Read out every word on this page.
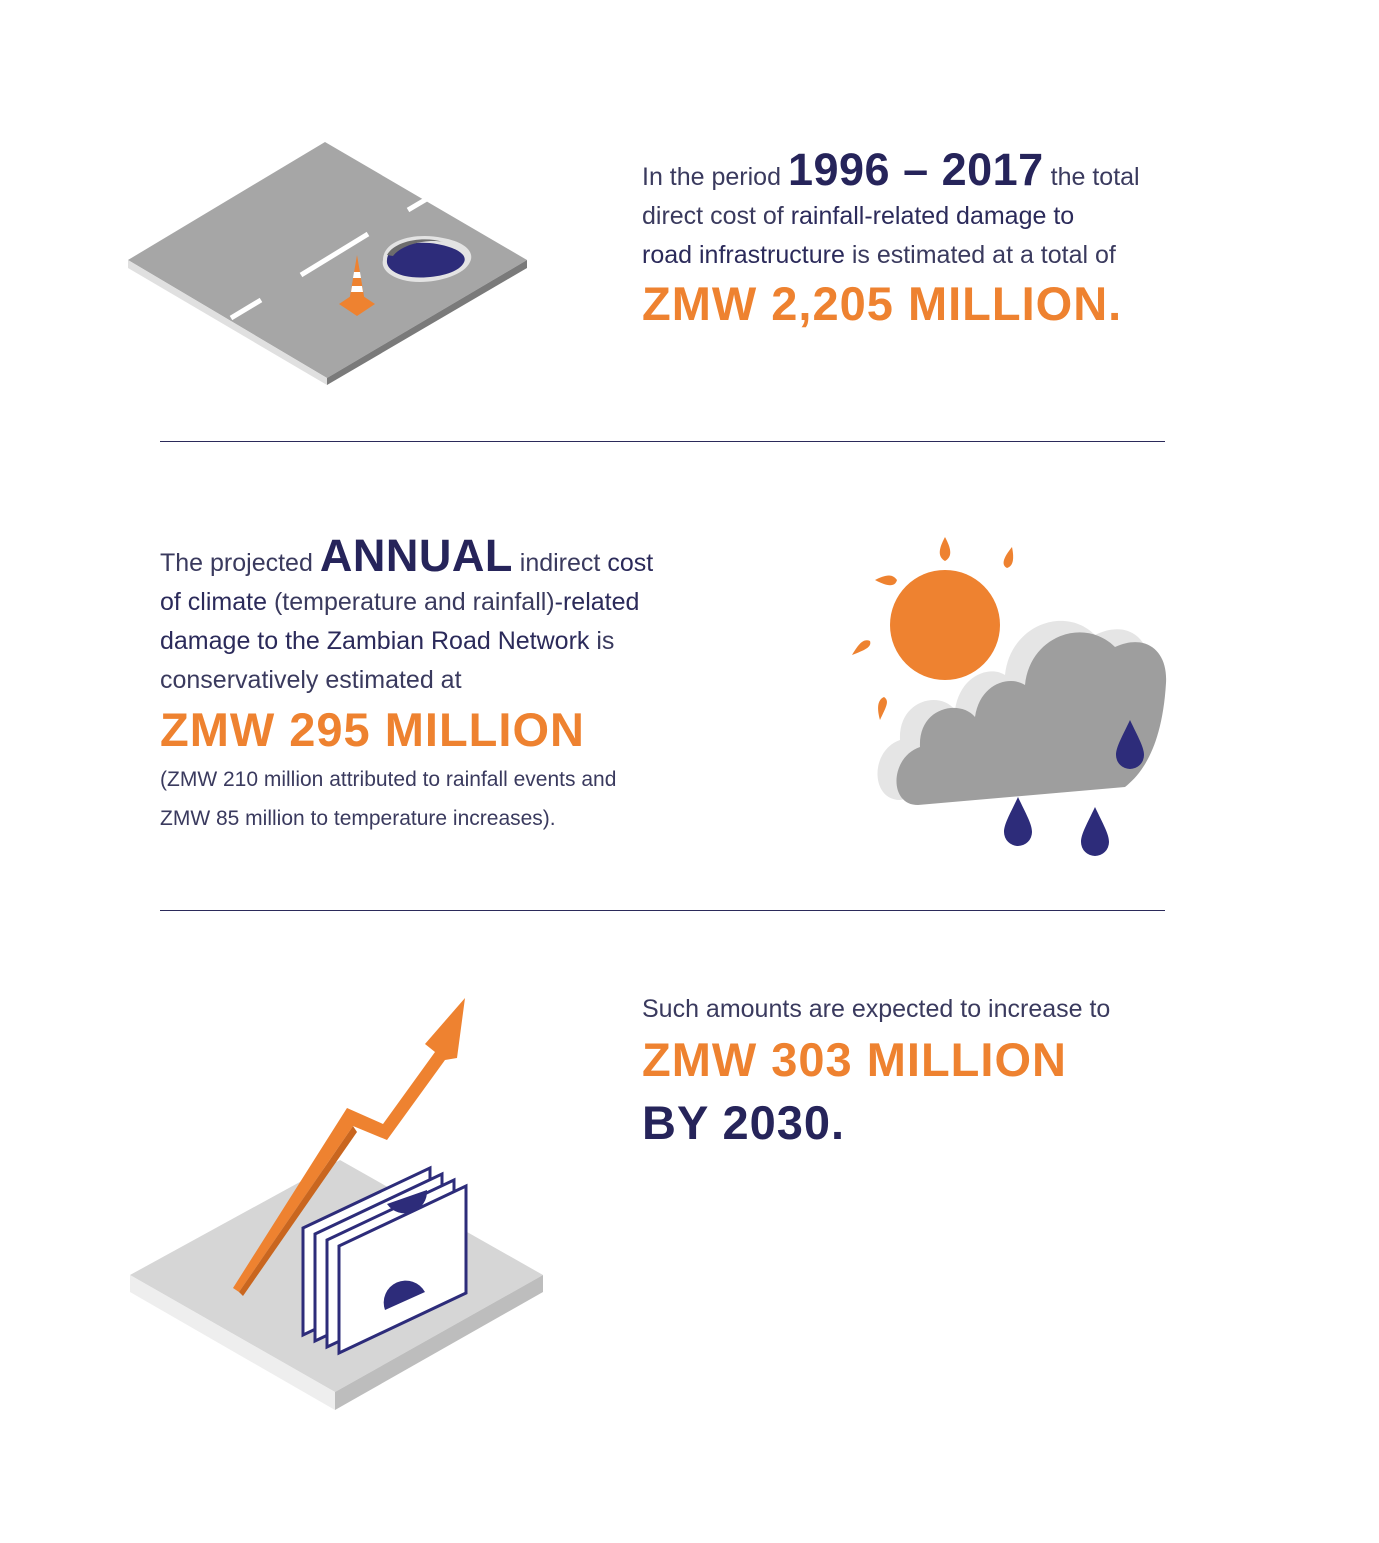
In the period 1996 – 2017 the total
direct cost of rainfall-related damage to
road infrastructure is estimated at a total of
ZMW 2,205 MILLION.
The projected ANNUAL indirect cost
of climate (temperature and rainfall)-related
damage to the Zambian Road Network is
conservatively estimated at
ZMW 295 MILLION
(ZMW 210 million attributed to rainfall events and
ZMW 85 million to temperature increases).
Such amounts are expected to increase to
ZMW 303 MILLION
BY 2030.
